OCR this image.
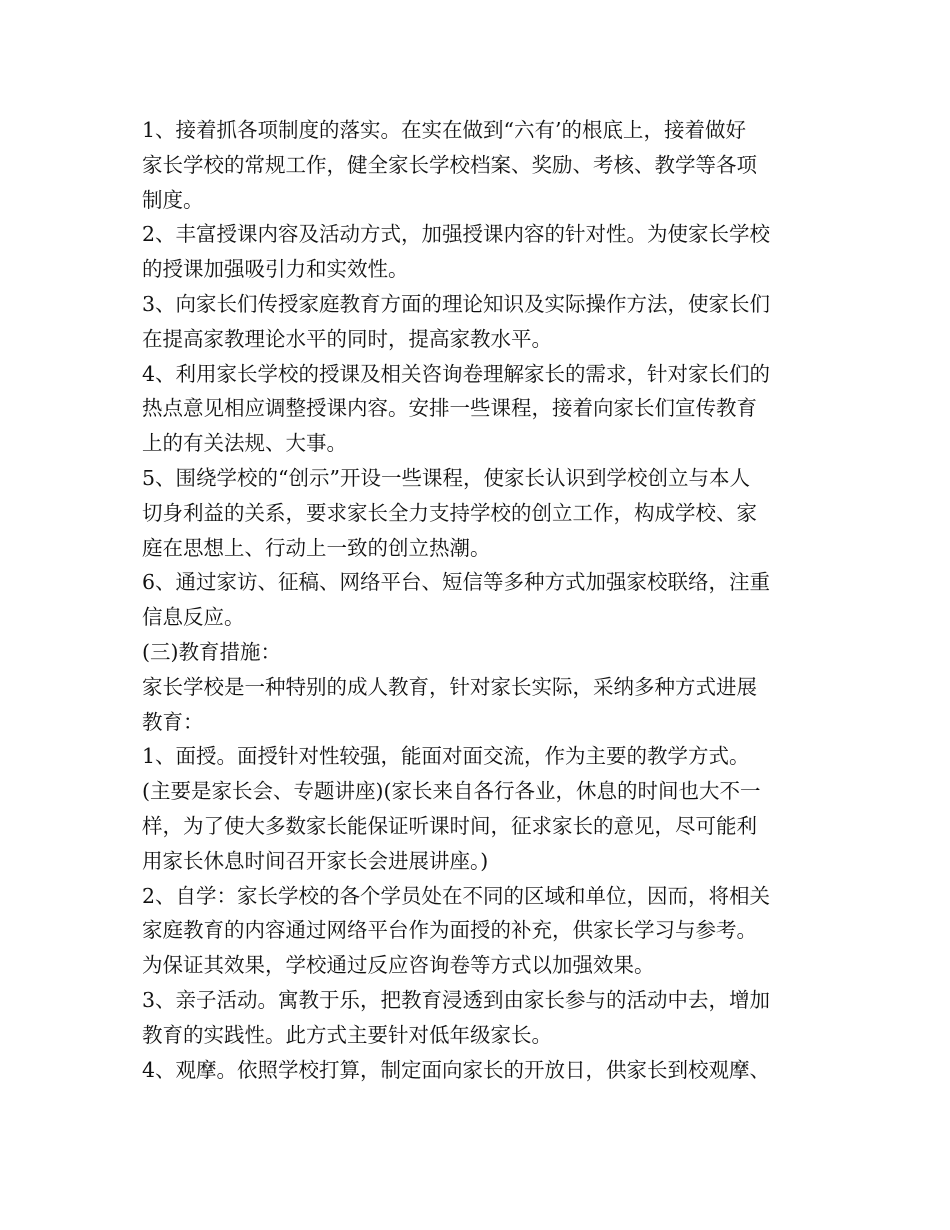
1、接着抓各项制度的落实。在实在做到“六有’的根底上，接着做好
家长学校的常规工作，健全家长学校档案、奖励、考核、教学等各项
制度。
2、丰富授课内容及活动方式，加强授课内容的针对性。为使家长学校
的授课加强吸引力和实效性。
3、向家长们传授家庭教育方面的理论知识及实际操作方法，使家长们
在提高家教理论水平的同时，提高家教水平。
4、利用家长学校的授课及相关咨询卷理解家长的需求，针对家长们的
热点意见相应调整授课内容。安排一些课程，接着向家长们宣传教育
上的有关法规、大事。
5、围绕学校的“创示”开设一些课程，使家长认识到学校创立与本人
切身利益的关系，要求家长全力支持学校的创立工作，构成学校、家
庭在思想上、行动上一致的创立热潮。
6、通过家访、征稿、网络平台、短信等多种方式加强家校联络，注重
信息反应。
(三)教育措施：
家长学校是一种特别的成人教育，针对家长实际，采纳多种方式进展
教育：
1、面授。面授针对性较强，能面对面交流，作为主要的教学方式。
(主要是家长会、专题讲座)(家长来自各行各业，休息的时间也大不一
样，为了使大多数家长能保证听课时间，征求家长的意见，尽可能利
用家长休息时间召开家长会进展讲座。)
2、自学：家长学校的各个学员处在不同的区域和单位，因而，将相关
家庭教育的内容通过网络平台作为面授的补充，供家长学习与参考。
为保证其效果，学校通过反应咨询卷等方式以加强效果。
3、亲子活动。寓教于乐，把教育浸透到由家长参与的活动中去，增加
教育的实践性。此方式主要针对低年级家长。
4、观摩。依照学校打算，制定面向家长的开放日，供家长到校观摩、
